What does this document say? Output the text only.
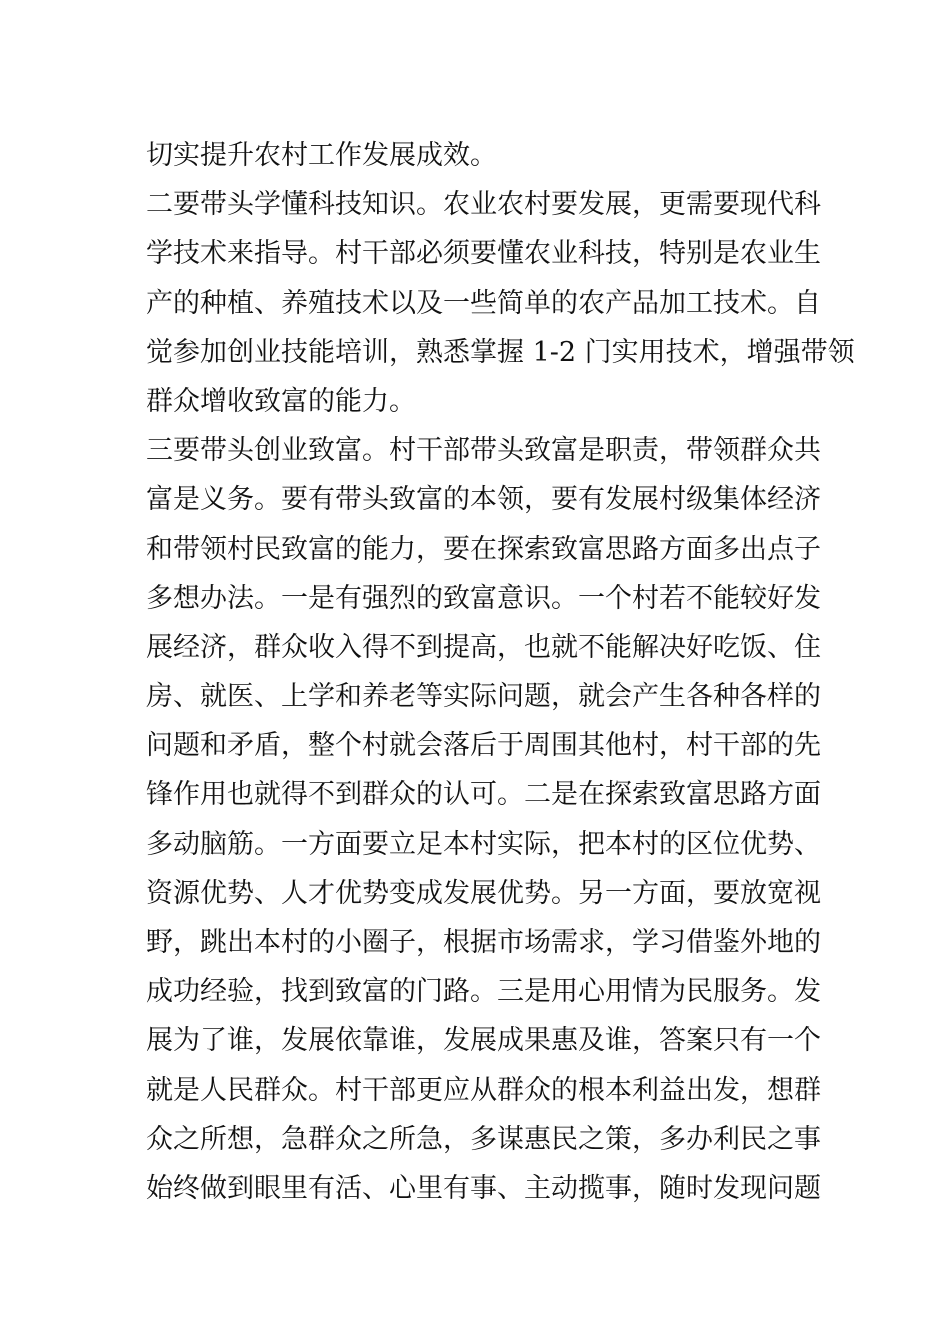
切实提升农村工作发展成效。
二要带头学懂科技知识。农业农村要发展，更需要现代科
学技术来指导。村干部必须要懂农业科技，特别是农业生
产的种植、养殖技术以及一些简单的农产品加工技术。自
觉参加创业技能培训，熟悉掌握 1-2 门实用技术，增强带领
群众增收致富的能力。
三要带头创业致富。村干部带头致富是职责，带领群众共
富是义务。要有带头致富的本领，要有发展村级集体经济
和带领村民致富的能力，要在探索致富思路方面多出点子
多想办法。一是有强烈的致富意识。一个村若不能较好发
展经济，群众收入得不到提高，也就不能解决好吃饭、住
房、就医、上学和养老等实际问题，就会产生各种各样的
问题和矛盾，整个村就会落后于周围其他村，村干部的先
锋作用也就得不到群众的认可。二是在探索致富思路方面
多动脑筋。一方面要立足本村实际，把本村的区位优势、
资源优势、人才优势变成发展优势。另一方面，要放宽视
野，跳出本村的小圈子，根据市场需求，学习借鉴外地的
成功经验，找到致富的门路。三是用心用情为民服务。发
展为了谁，发展依靠谁，发展成果惠及谁，答案只有一个
就是人民群众。村干部更应从群众的根本利益出发，想群
众之所想，急群众之所急，多谋惠民之策，多办利民之事
始终做到眼里有活、心里有事、主动揽事，随时发现问题
